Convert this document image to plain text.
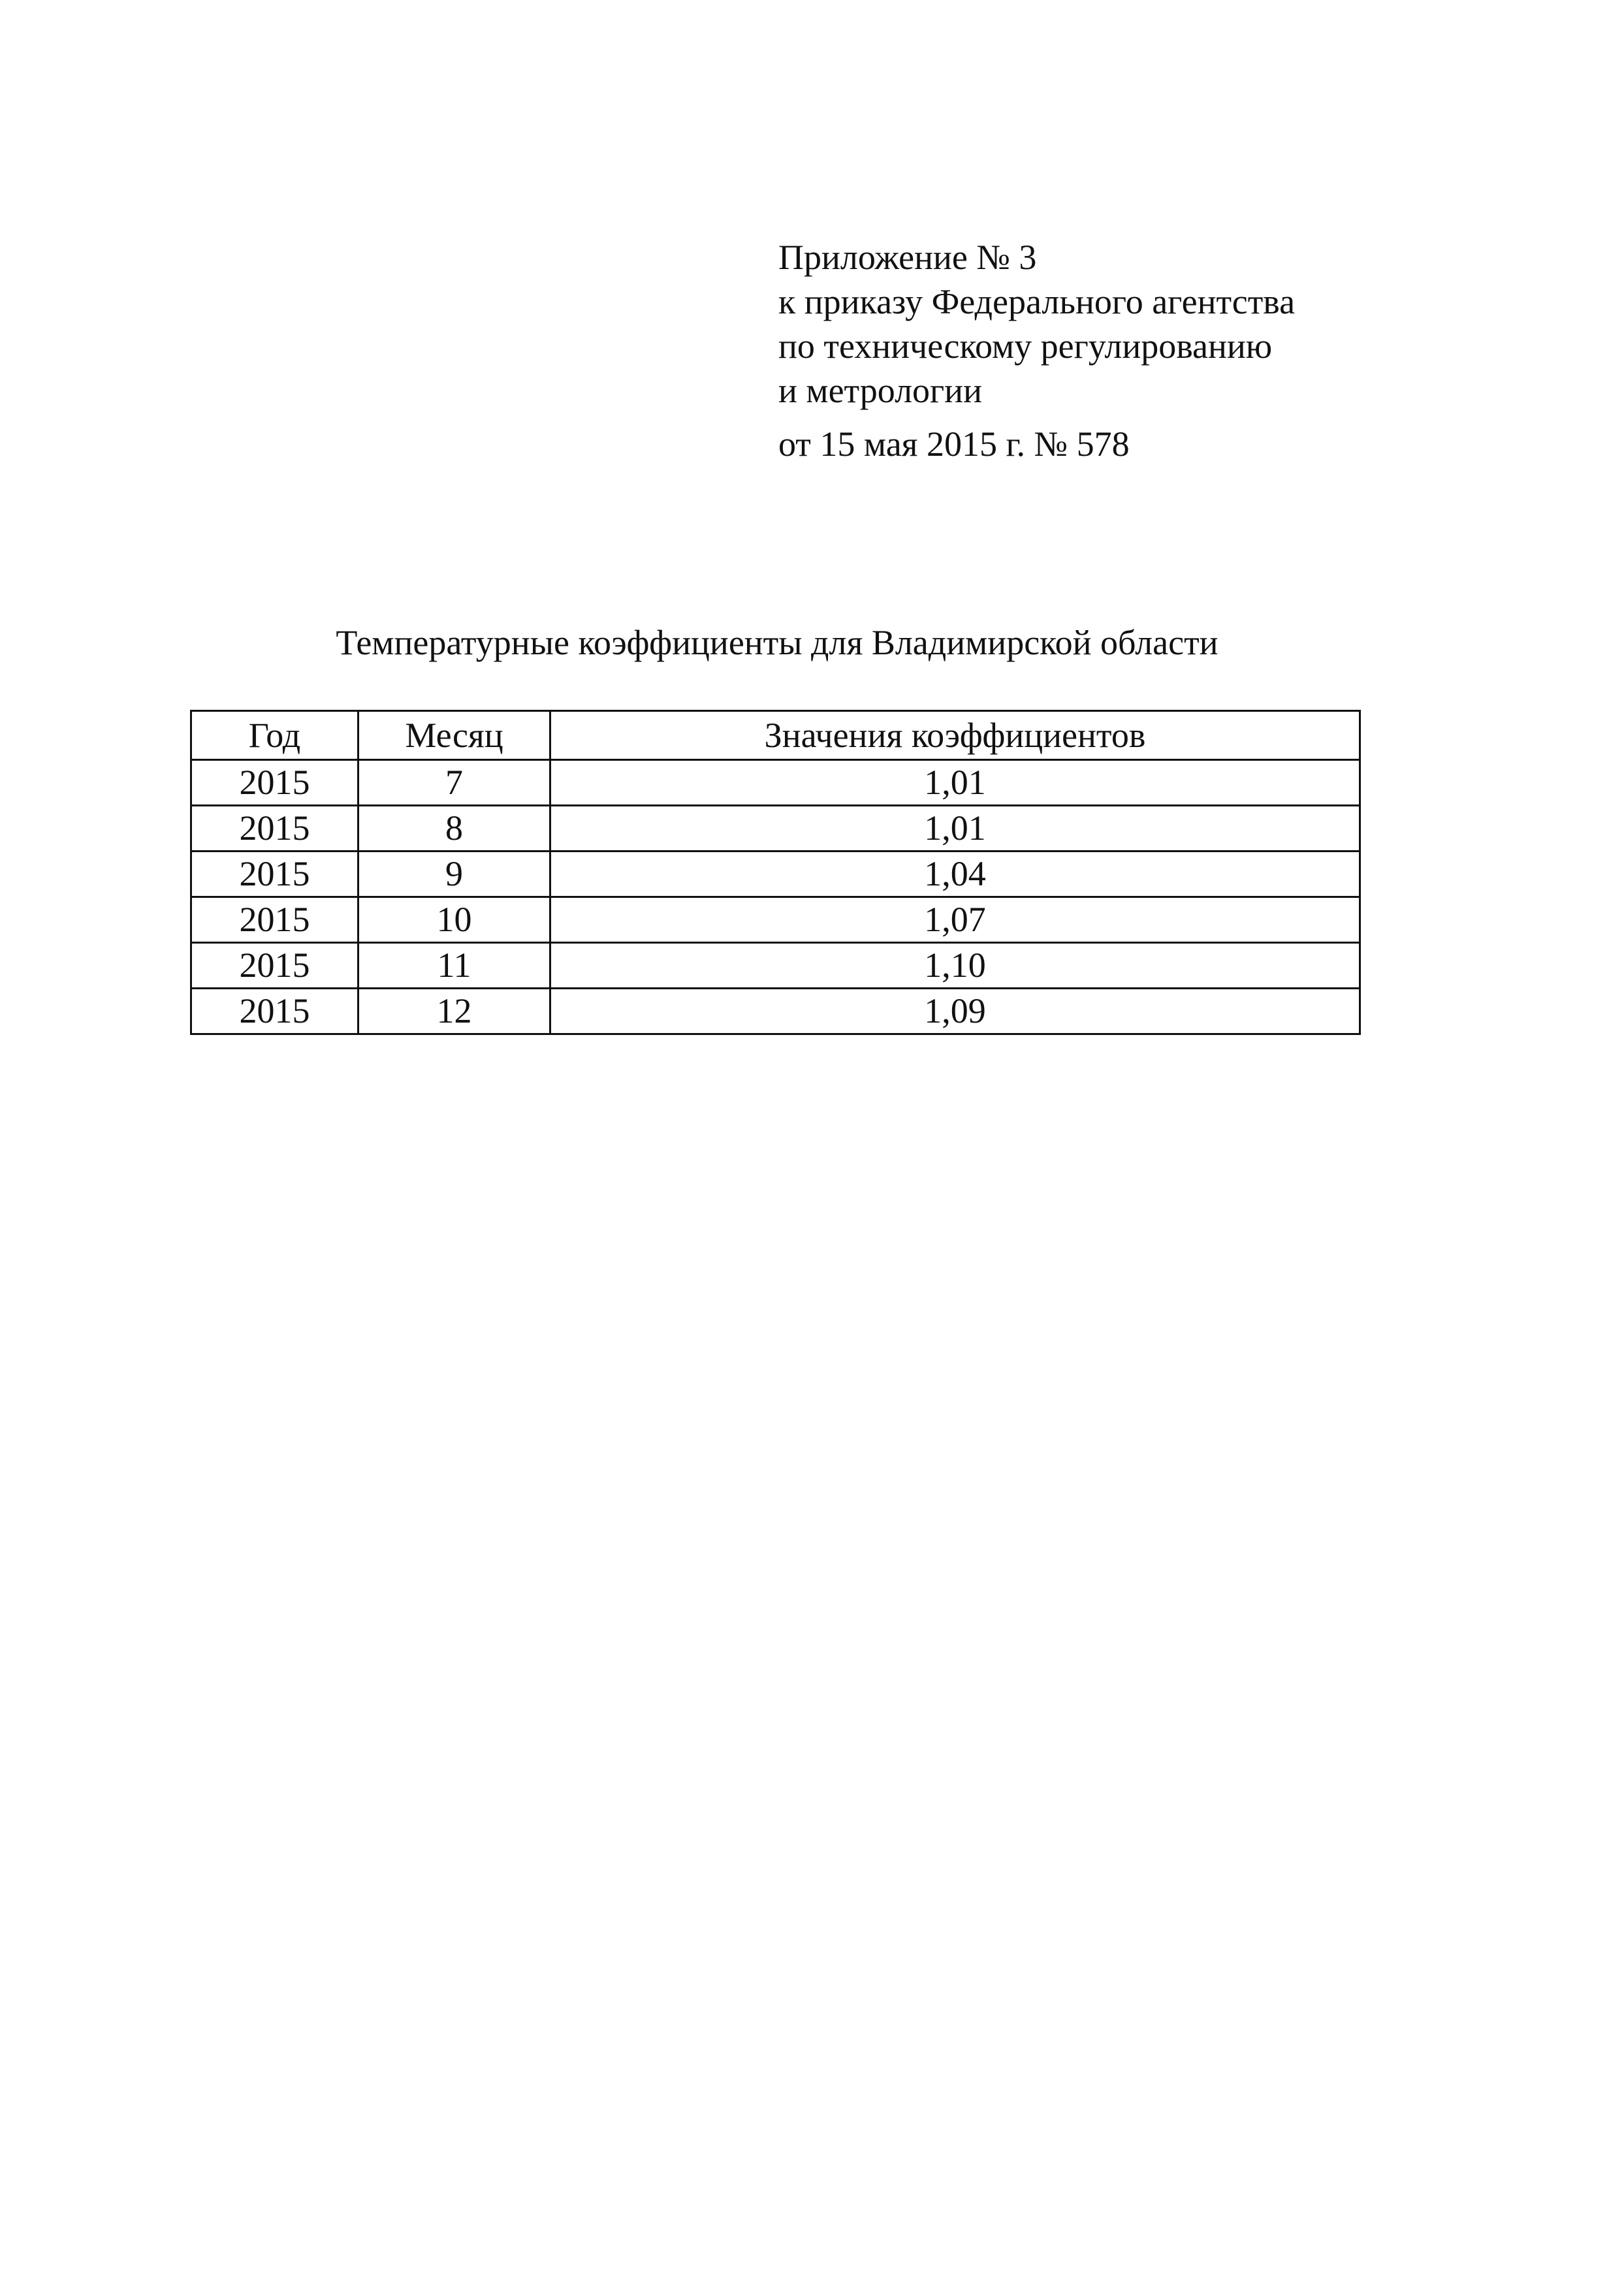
Приложение № 3
к приказу Федерального агентства
по техническому регулированию
и метрологии
от 15 мая 2015 г. № 578
Температурные коэффициенты для Владимирской области
Год	Месяц	Значения коэффициентов
2015	7	1,01
2015	8	1,01
2015	9	1,04
2015	10	1,07
2015	11	1,10
2015	12	1,09
